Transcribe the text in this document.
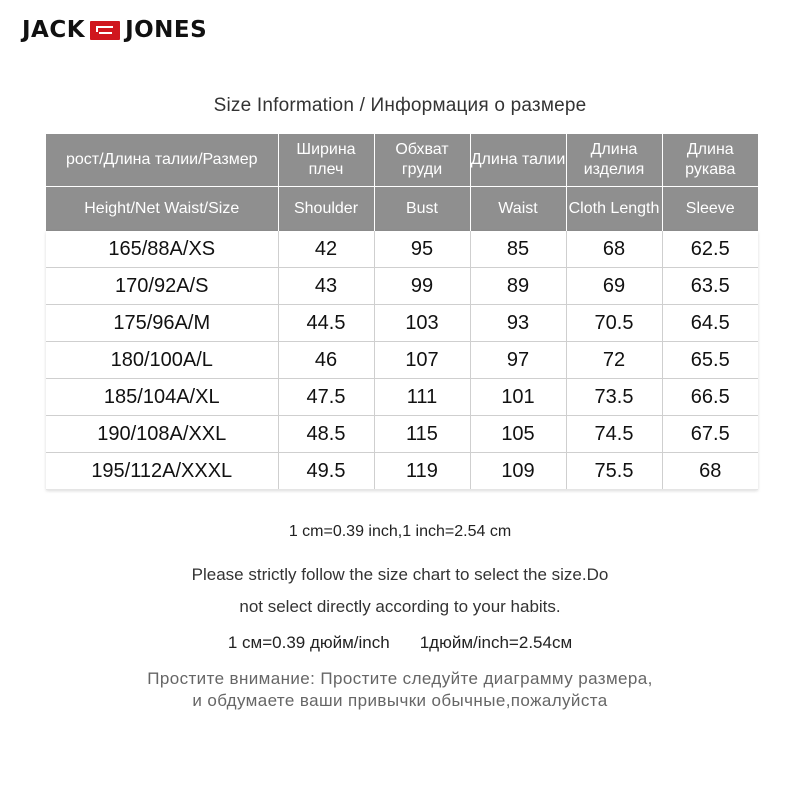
JACK JONES
Size Information / Информация о размере
рост/Длина талии/Размер	Ширина плеч	Обхват груди	Длина талии	Длина изделия	Длина рукава
Height/Net Waist/Size	Shoulder	Bust	Waist	Cloth Length	Sleeve
165/88A/XS	42	95	85	68	62.5
170/92A/S	43	99	89	69	63.5
175/96A/M	44.5	103	93	70.5	64.5
180/100A/L	46	107	97	72	65.5
185/104A/XL	47.5	111	101	73.5	66.5
190/108A/XXL	48.5	115	105	74.5	67.5
195/112A/XXXL	49.5	119	109	75.5	68
1 cm=0.39 inch,1 inch=2.54 cm
Please strictly follow the size chart to select the size.Do
not select directly according to your habits.
1 см=0.39 дюйм/inch 1дюйм/inch=2.54см
Простите внимание: Простите следуйте диаграмму размера,
и обдумаете ваши привычки обычные,пожалуйста
